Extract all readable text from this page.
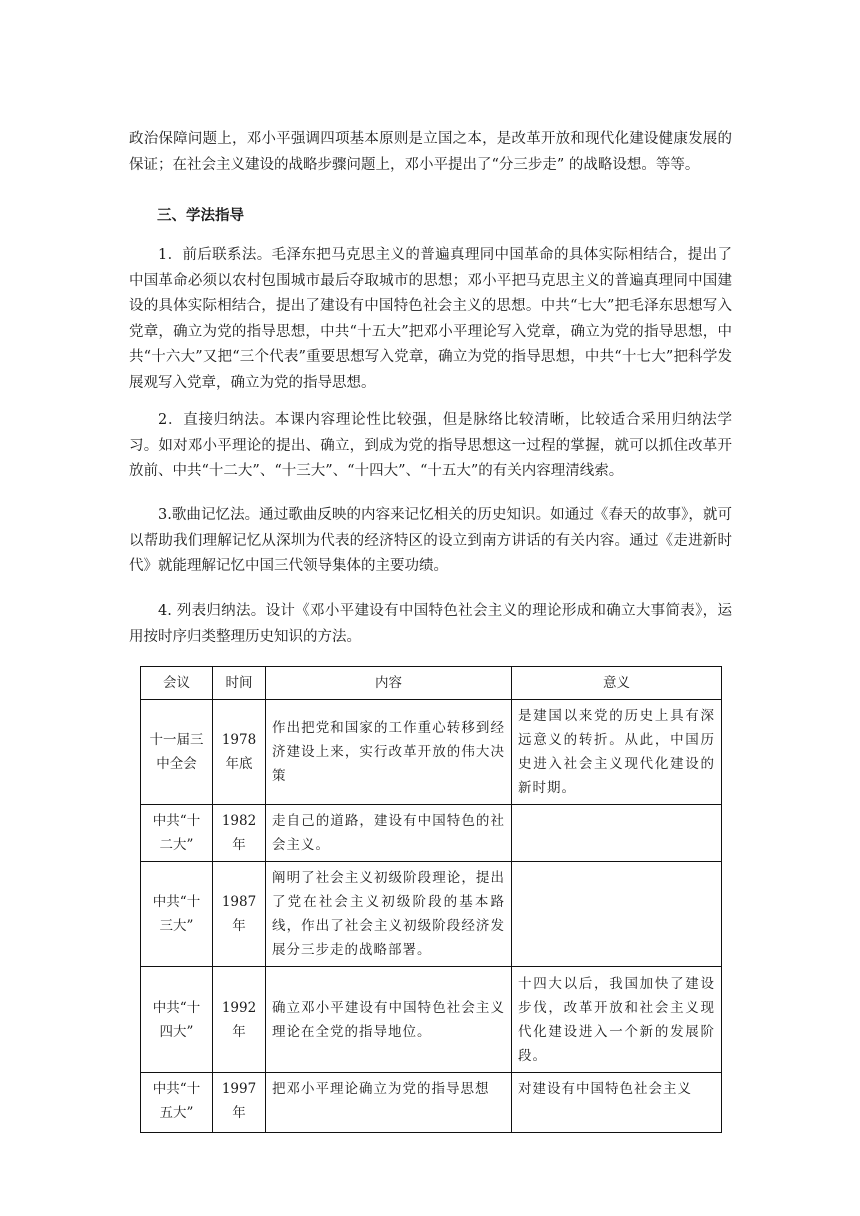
政治保障问题上，邓小平强调四项基本原则是立国之本，是改革开放和现代化建设健康发展的保证；在社会主义建设的战略步骤问题上，邓小平提出了“分三步走” 的战略设想。等等。

三、学法指导

1．前后联系法。毛泽东把马克思主义的普遍真理同中国革命的具体实际相结合，提出了中国革命必须以农村包围城市最后夺取城市的思想；邓小平把马克思主义的普遍真理同中国建设的具体实际相结合，提出了建设有中国特色社会主义的思想。中共“七大”把毛泽东思想写入党章，确立为党的指导思想，中共“十五大”把邓小平理论写入党章，确立为党的指导思想，中共“十六大”又把“三个代表”重要思想写入党章，确立为党的指导思想，中共“十七大”把科学发展观写入党章，确立为党的指导思想。

2．直接归纳法。本课内容理论性比较强，但是脉络比较清晰，比较适合采用归纳法学习。如对邓小平理论的提出、确立，到成为党的指导思想这一过程的掌握，就可以抓住改革开放前、中共“十二大”、“十三大”、“十四大”、“十五大”的有关内容理清线索。

3.歌曲记忆法。通过歌曲反映的内容来记忆相关的历史知识。如通过《春天的故事》，就可以帮助我们理解记忆从深圳为代表的经济特区的设立到南方讲话的有关内容。通过《走进新时代》就能理解记忆中国三代领导集体的主要功绩。

4. 列表归纳法。设计《邓小平建设有中国特色社会主义的理论形成和确立大事简表》，运用按时序归类整理历史知识的方法。

会议	时间	内容	意义
十一届三中全会	1978年底	作出把党和国家的工作重心转移到经济建设上来，实行改革开放的伟大决策	是建国以来党的历史上具有深远意义的转折。从此，中国历史进入社会主义现代化建设的新时期。
中共“十二大”	1982年	走自己的道路，建设有中国特色的社会主义。	
中共“十三大”	1987年	阐明了社会主义初级阶段理论，提出了党在社会主义初级阶段的基本路线，作出了社会主义初级阶段经济发展分三步走的战略部署。	
中共“十四大”	1992年	确立邓小平建设有中国特色社会主义理论在全党的指导地位。	十四大以后，我国加快了建设步伐，改革开放和社会主义现代化建设进入一个新的发展阶段。
中共“十五大”	1997年	把邓小平理论确立为党的指导思想	对建设有中国特色社会主义
